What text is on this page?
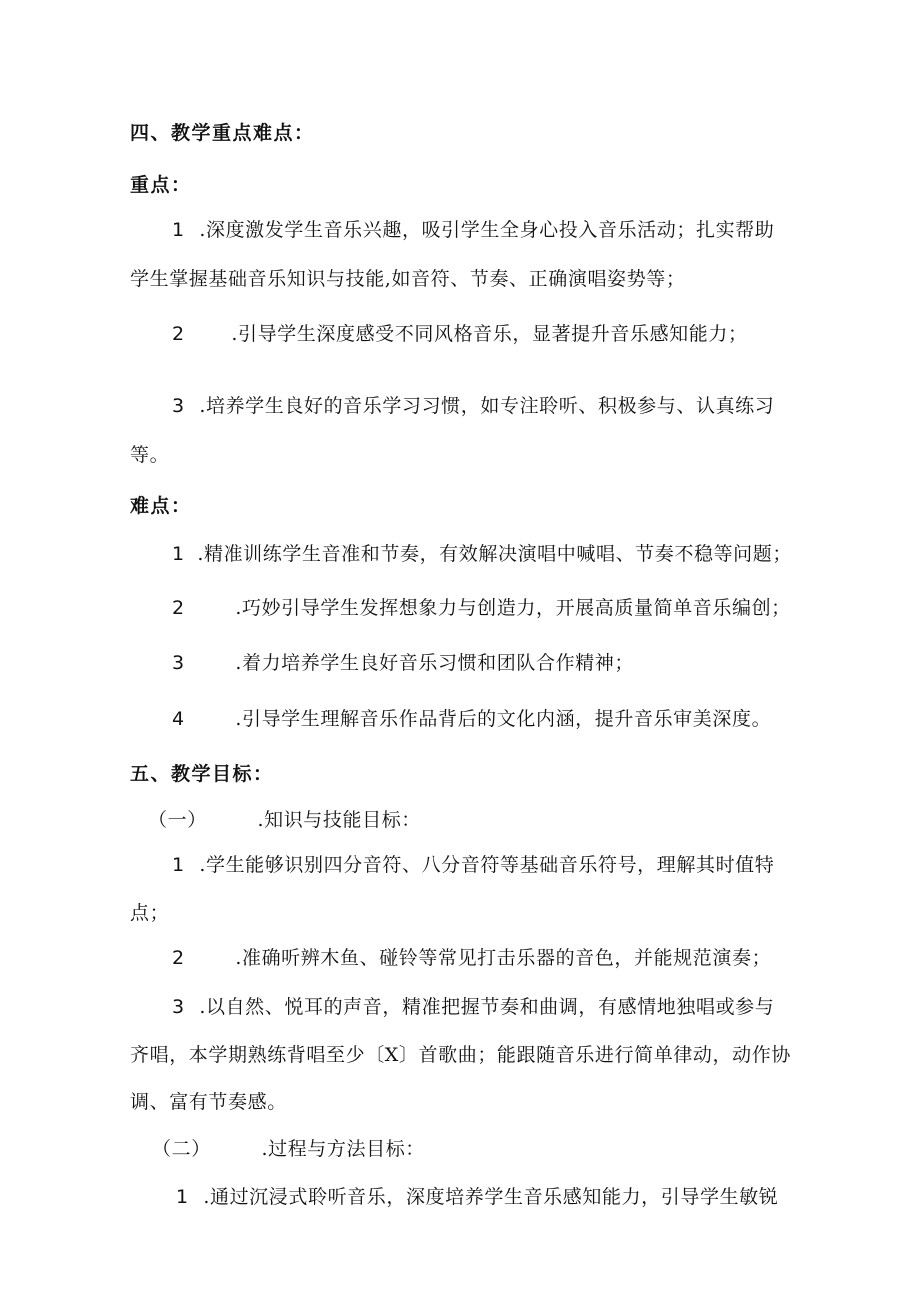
四、教学重点难点：
重点：
1 .深度激发学生音乐兴趣，吸引学生全身心投入音乐活动；扎实帮助
学生掌握基础音乐知识与技能,如音符、节奏、正确演唱姿势等；
2 .引导学生深度感受不同风格音乐，显著提升音乐感知能力；
3 .培养学生良好的音乐学习习惯，如专注聆听、积极参与、认真练习
等。
难点：
1 .精准训练学生音准和节奏，有效解决演唱中喊唱、节奏不稳等问题；
2	.巧妙引导学生发挥想象力与创造力，开展高质量简单音乐编创；
3	.着力培养学生良好音乐习惯和团队合作精神；
4	.引导学生理解音乐作品背后的文化内涵，提升音乐审美深度。
五、教学目标：
（一）	.知识与技能目标：
1 .学生能够识别四分音符、八分音符等基础音乐符号，理解其时值特
点；
2	.准确听辨木鱼、碰铃等常见打击乐器的音色，并能规范演奏；
3 .以自然、悦耳的声音，精准把握节奏和曲调，有感情地独唱或参与
齐唱，本学期熟练背唱至少〔X〕首歌曲；能跟随音乐进行简单律动，动作协
调、富有节奏感。
（二）	.过程与方法目标：
1 .通过沉浸式聆听音乐，深度培养学生音乐感知能力，引导学生敏锐
